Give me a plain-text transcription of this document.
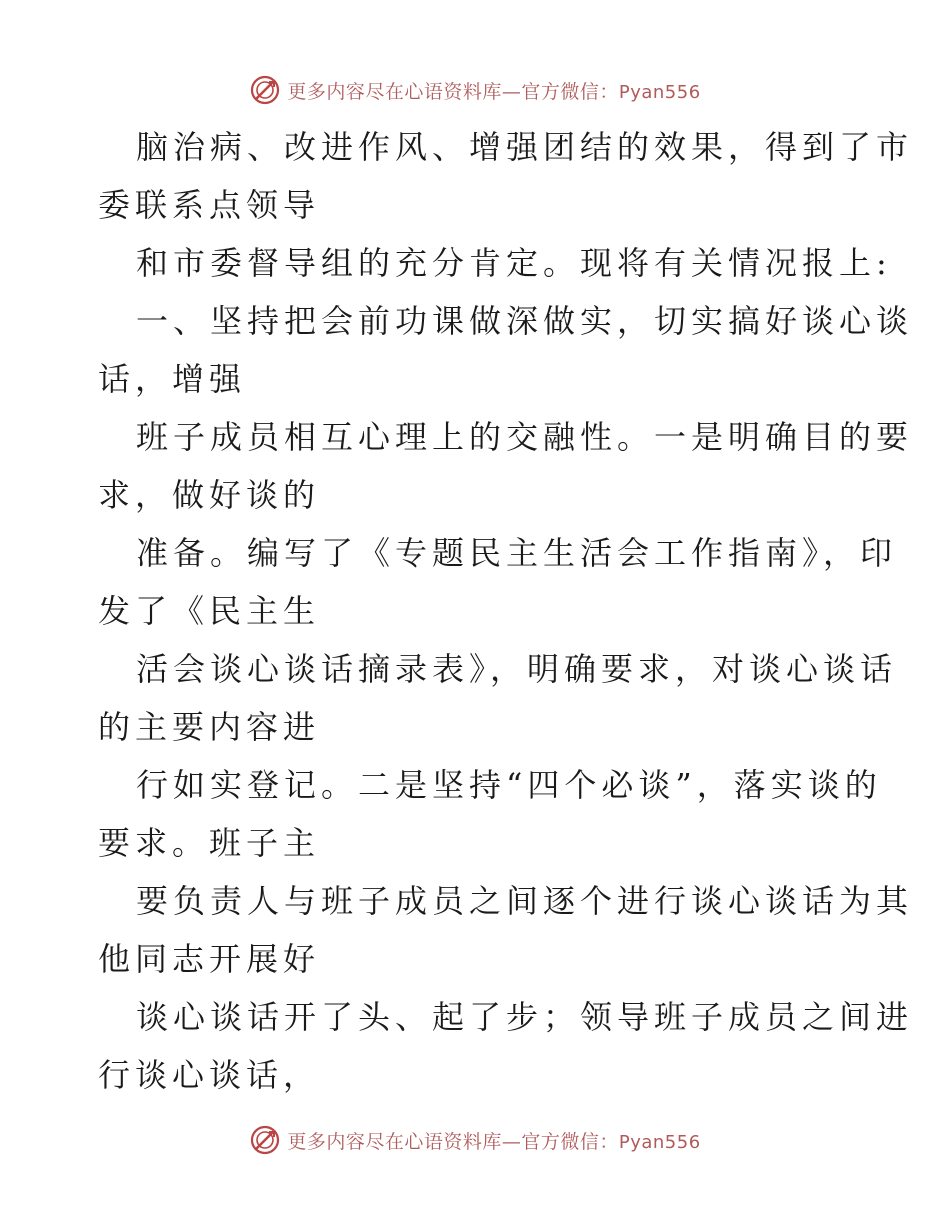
更多内容尽在心语资料库—官方微信：Pyan556
脑治病、改进作风、增强团结的效果，得到了市
委联系点领导
和市委督导组的充分肯定。现将有关情况报上:
一、坚持把会前功课做深做实，切实搞好谈心谈
话，增强
班子成员相互心理上的交融性。一是明确目的要
求，做好谈的
准备。编写了《专题民主生活会工作指南》，印
发了《民主生
活会谈心谈话摘录表》，明确要求，对谈心谈话
的主要内容进
行如实登记。二是坚持“四个必谈”，落实谈的
要求。班子主
要负责人与班子成员之间逐个进行谈心谈话为其
他同志开展好
谈心谈话开了头、起了步；领导班子成员之间进
行谈心谈话，
更多内容尽在心语资料库—官方微信：Pyan556
